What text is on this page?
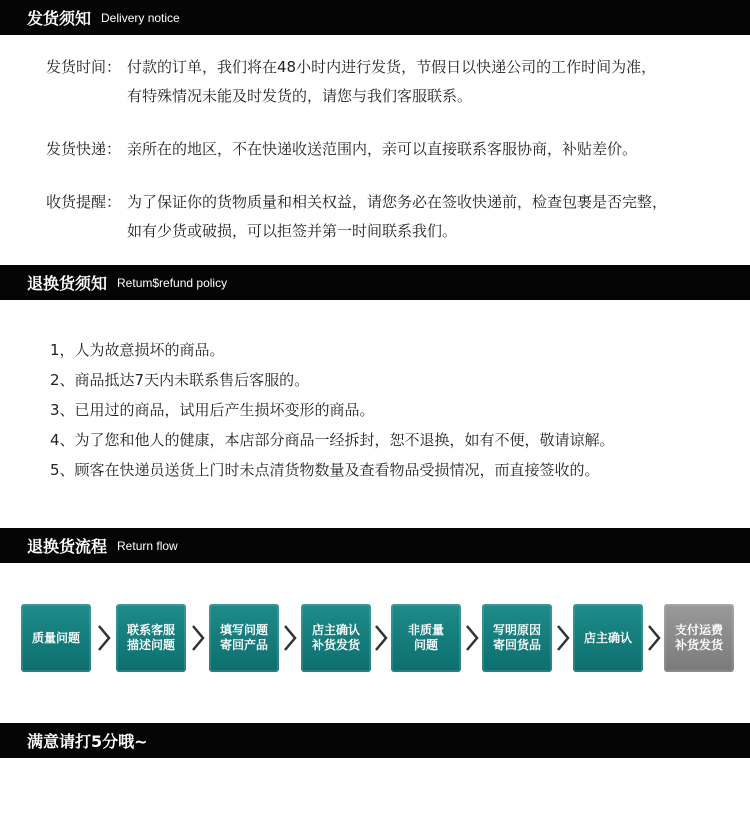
发货须知 Delivery notice
发货时间： 付款的订单，我们将在48小时内进行发货，节假日以快递公司的工作时间为准，
有特殊情况未能及时发货的，请您与我们客服联系。
发货快递： 亲所在的地区，不在快递收送范围内，亲可以直接联系客服协商，补贴差价。
收货提醒： 为了保证你的货物质量和相关权益，请您务必在签收快递前，检查包裹是否完整，
如有少货或破损，可以拒签并第一时间联系我们。
退换货须知 Retum$refund policy
1，人为故意损坏的商品。
2、商品抵达7天内未联系售后客服的。
3、已用过的商品，试用后产生损坏变形的商品。
4、为了您和他人的健康，本店部分商品一经拆封，恕不退换，如有不便，敬请谅解。
5、顾客在快递员送货上门时未点清货物数量及查看物品受损情况，而直接签收的。
退换货流程 Return flow
质量问题
联系客服
描述问题
填写问题
寄回产品
店主确认
补货发货
非质量
问题
写明原因
寄回货品
店主确认
支付运费
补货发货
满意请打5分哦~
